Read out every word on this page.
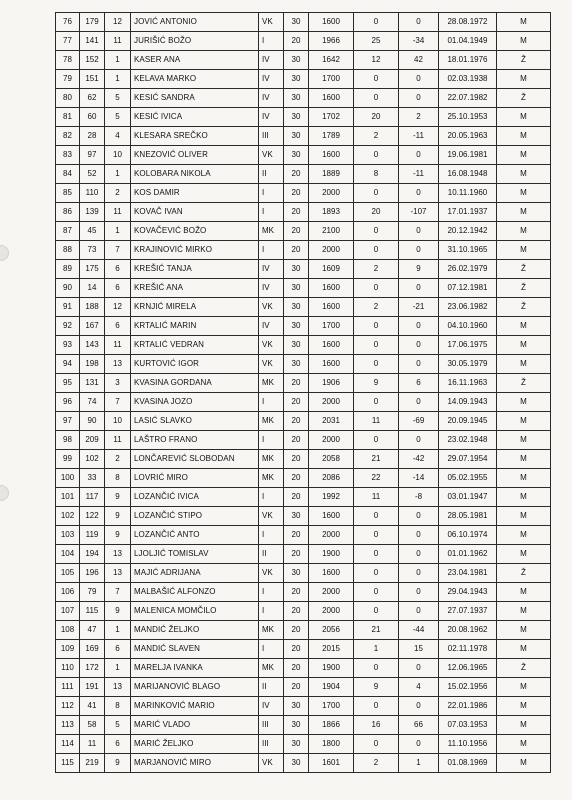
76	179	12	JOVIĆ ANTONIO	VK	30	1600	0	0	28.08.1972	M
77	141	11	JURIŠIĆ BOŽO	I	20	1966	25	-34	01.04.1949	M
78	152	1	KASER ANA	IV	30	1642	12	42	18.01.1976	Ž
79	151	1	KELAVA MARKO	IV	30	1700	0	0	02.03.1938	M
80	62	5	KESIĆ SANDRA	IV	30	1600	0	0	22.07.1982	Ž
81	60	5	KESIĆ IVICA	IV	30	1702	20	2	25.10.1953	M
82	28	4	KLESARA SREČKO	III	30	1789	2	-11	20.05.1963	M
83	97	10	KNEZOVIĆ OLIVER	VK	30	1600	0	0	19.06.1981	M
84	52	1	KOLOBARA NIKOLA	II	20	1889	8	-11	16.08.1948	M
85	110	2	KOS DAMIR	I	20	2000	0	0	10.11.1960	M
86	139	11	KOVAČ IVAN	I	20	1893	20	-107	17.01.1937	M
87	45	1	KOVAČEVIĆ BOŽO	MK	20	2100	0	0	20.12.1942	M
88	73	7	KRAJINOVIĆ MIRKO	I	20	2000	0	0	31.10.1965	M
89	175	6	KREŠIĆ TANJA	IV	30	1609	2	9	26.02.1979	Ž
90	14	6	KREŠIĆ ANA	IV	30	1600	0	0	07.12.1981	Ž
91	188	12	KRNJIĆ MIRELA	VK	30	1600	2	-21	23.06.1982	Ž
92	167	6	KRTALIĆ MARIN	IV	30	1700	0	0	04.10.1960	M
93	143	11	KRTALIĆ VEDRAN	VK	30	1600	0	0	17.06.1975	M
94	198	13	KURTOVIĆ IGOR	VK	30	1600	0	0	30.05.1979	M
95	131	3	KVASINA GORDANA	MK	20	1906	9	6	16.11.1963	Ž
96	74	7	KVASINA JOZO	I	20	2000	0	0	14.09.1943	M
97	90	10	LASIĆ SLAVKO	MK	20	2031	11	-69	20.09.1945	M
98	209	11	LAŠTRO FRANO	I	20	2000	0	0	23.02.1948	M
99	102	2	LONČAREVIĆ SLOBODAN	MK	20	2058	21	-42	29.07.1954	M
100	33	8	LOVRIĆ MIRO	MK	20	2086	22	-14	05.02.1955	M
101	117	9	LOZANČIĆ IVICA	I	20	1992	11	-8	03.01.1947	M
102	122	9	LOZANČIĆ STIPO	VK	30	1600	0	0	28.05.1981	M
103	119	9	LOZANČIĆ ANTO	I	20	2000	0	0	06.10.1974	M
104	194	13	LJOLJIĆ TOMISLAV	II	20	1900	0	0	01.01.1962	M
105	196	13	MAJIĆ ADRIJANA	VK	30	1600	0	0	23.04.1981	Ž
106	79	7	MALBAŠIĆ ALFONZO	I	20	2000	0	0	29.04.1943	M
107	115	9	MALENICA MOMČILO	I	20	2000	0	0	27.07.1937	M
108	47	1	MANDIĆ ŽELJKO	MK	20	2056	21	-44	20.08.1962	M
109	169	6	MANDIĆ SLAVEN	I	20	2015	1	15	02.11.1978	M
110	172	1	MARELJA IVANKA	MK	20	1900	0	0	12.06.1965	Ž
111	191	13	MARIJANOVIĆ BLAGO	II	20	1904	9	4	15.02.1956	M
112	41	8	MARINKOVIĆ MARIO	IV	30	1700	0	0	22.01.1986	M
113	58	5	MARIĆ VLADO	III	30	1866	16	66	07.03.1953	M
114	11	6	MARIĆ ŽELJKO	III	30	1800	0	0	11.10.1956	M
115	219	9	MARJANOVIĆ MIRO	VK	30	1601	2	1	01.08.1969	M
